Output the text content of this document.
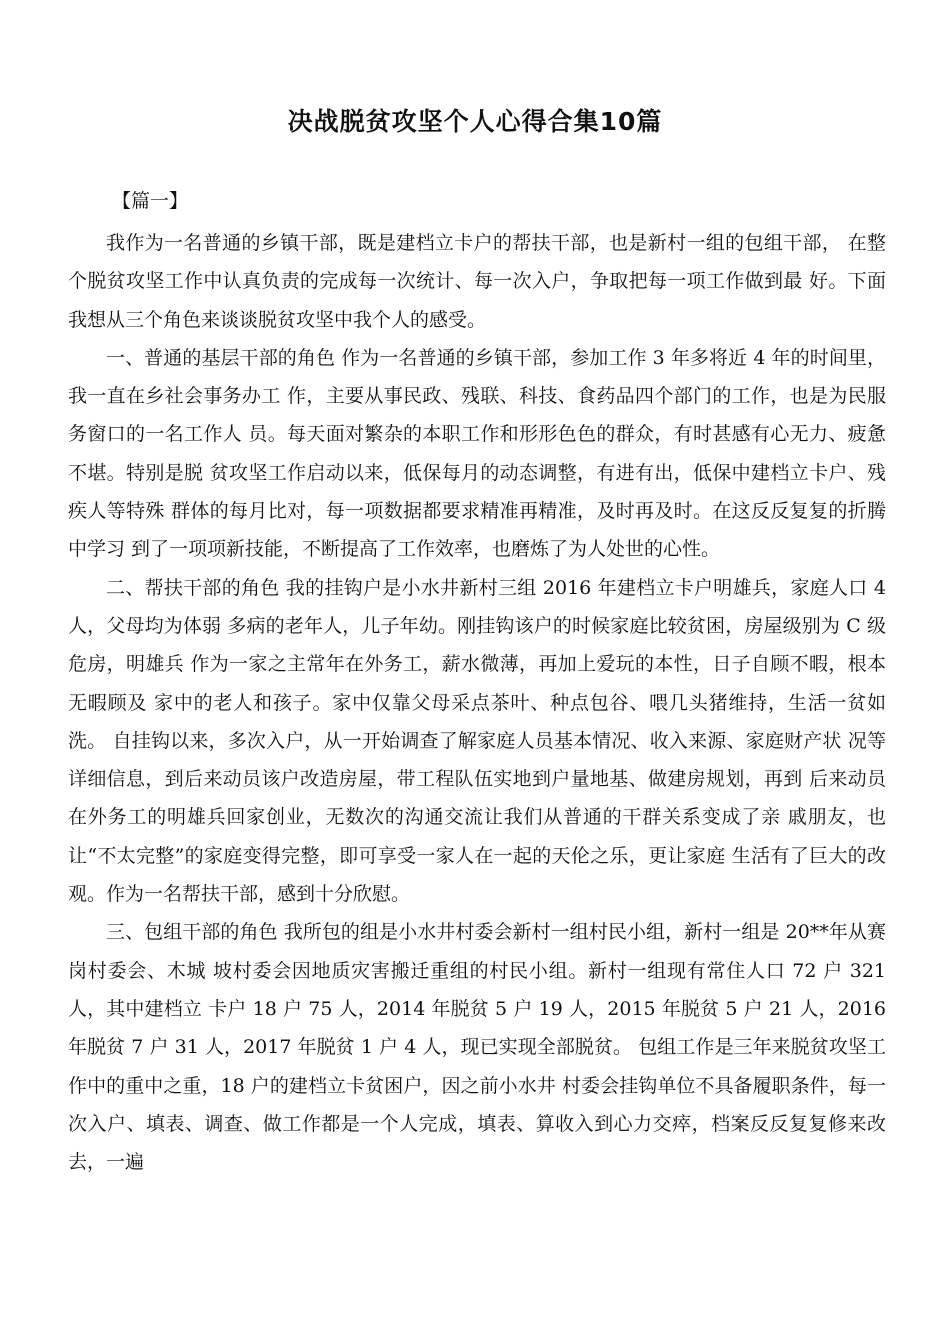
决战脱贫攻坚个人心得合集10篇

【篇一】

我作为一名普通的乡镇干部，既是建档立卡户的帮扶干部，也是新村一组的包组干部， 在整个脱贫攻坚工作中认真负责的完成每一次统计、每一次入户，争取把每一项工作做到最 好。下面我想从三个角色来谈谈脱贫攻坚中我个人的感受。

一、普通的基层干部的角色 作为一名普通的乡镇干部，参加工作 3 年多将近 4 年的时间里，我一直在乡社会事务办工 作，主要从事民政、残联、科技、食药品四个部门的工作，也是为民服务窗口的一名工作人 员。每天面对繁杂的本职工作和形形色色的群众，有时甚感有心无力、疲惫不堪。特别是脱 贫攻坚工作启动以来，低保每月的动态调整，有进有出，低保中建档立卡户、残疾人等特殊 群体的每月比对，每一项数据都要求精准再精准，及时再及时。在这反反复复的折腾中学习 到了一项项新技能，不断提高了工作效率，也磨炼了为人处世的心性。

二、帮扶干部的角色 我的挂钩户是小水井新村三组 2016 年建档立卡户明雄兵，家庭人口 4 人，父母均为体弱 多病的老年人，儿子年幼。刚挂钩该户的时候家庭比较贫困，房屋级别为 C 级危房，明雄兵 作为一家之主常年在外务工，薪水微薄，再加上爱玩的本性，日子自顾不暇，根本无暇顾及 家中的老人和孩子。家中仅靠父母采点茶叶、种点包谷、喂几头猪维持，生活一贫如洗。 自挂钩以来，多次入户，从一开始调查了解家庭人员基本情况、收入来源、家庭财产状 况等详细信息，到后来动员该户改造房屋，带工程队伍实地到户量地基、做建房规划，再到 后来动员在外务工的明雄兵回家创业，无数次的沟通交流让我们从普通的干群关系变成了亲 戚朋友，也让“不太完整”的家庭变得完整，即可享受一家人在一起的天伦之乐，更让家庭 生活有了巨大的改观。作为一名帮扶干部，感到十分欣慰。

三、包组干部的角色 我所包的组是小水井村委会新村一组村民小组，新村一组是 20**年从赛岗村委会、木城 坡村委会因地质灾害搬迁重组的村民小组。新村一组现有常住人口 72 户 321 人，其中建档立 卡户 18 户 75 人，2014 年脱贫 5 户 19 人，2015 年脱贫 5 户 21 人，2016 年脱贫 7 户 31 人，2017 年脱贫 1 户 4 人，现已实现全部脱贫。 包组工作是三年来脱贫攻坚工作中的重中之重，18 户的建档立卡贫困户，因之前小水井 村委会挂钩单位不具备履职条件，每一次入户、填表、调查、做工作都是一个人完成，填表、算收入到心力交瘁，档案反反复复修来改去，一遍
